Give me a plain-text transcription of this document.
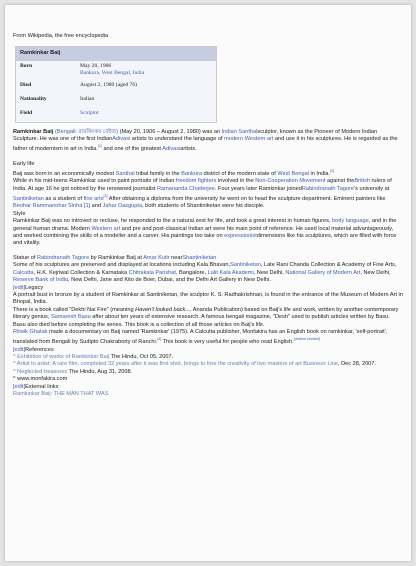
From Wikipedia, the free encyclopedia

Ramkinkar Baij
Born	May 20, 1906
Bankura, West Bengal, India
Died	August 2, 1980 (aged 76)
Nationality	Indian
Field	Sculptor

Ramkinkar Baij (Bengali: রামকিংকর বেইজ) (May 20, 1906 – August 2, 1980) was an Indian Santhalsculptor, known as the Pioneer of Modern Indian Sculpture. He was one of the first IndianAdivasi artists to understand the language of modern Western art and use it in his sculptures. He is regarded as the father of modernism in art in India.[1] and one of the greatest Adivasiartists.

Early life

Baij was born in an economically modest Santhal tribal family in the Bankura district of the modern state of West Bengal in India.[2]
While in his mid-teens Ramkinkar used to paint portraits of Indian freedom fighters involved in the Non-Cooperation Movement against theBritish rulers of India. At age 16 he got noticed by the renowned journalist Ramananda Chatterjee. Four years later Ramkinkar joinedRabindranath Tagore's university at Santiniketan as a student of fine arts[3] After obtaining a diploma from the university he went on to head the sculpture department. Eminent painters like Beohar Rammanohar Sinha [1] and Jahar Dasgupta, both students of Shantiniketan were his disciple.

Style

Ramkinkar Baij was no introvert or recluse, he responded to the a natural zest for life, and took a great interest in human figures, body language, and in the general human drama. Modern Western art and pre and post-classical Indian art were his main point of reference. He used local material advantageously, and worked combining the skills of a modeller and a carver. His paintings too take on expressionistdimensions like his sculptures, which are filled with force and vitality.

Statue of Rabindranath Tagore by Ramkinkar Baij at Amar Kutir nearShantiniketan
Some of his sculptures are preserved and displayed at locations including Kala Bhavan,Santiniketan, Late Rani Chanda Collection & Academy of Fine Arts, Calcutta, H.K. Kejriwal Collection & Karnataka Chitrakala Parishat, Bangalore, Lalit Kala Akademi, New Delhi, National Gallery of Modern Art, New Delhi, Reserve Bank of India, New Delhi, Jane and Kito de Boer, Dubai, and the Delhi Art Gallery in New Delhi.

[edit]Legacy

A portrait bust in bronze by a student of Ramkinkar at Santiniketan, the sculptor K. S. Radhakrishnan, is found in the entrance of the Museum of Modern Art in Bhopal, India.
There is a book called "Dekhi Nai Fire" (meaning Haven't looked back..., Ananda Publication) based on Baij's life and work, written by another contemporary literary genius, Samaresh Basu after about ten years of extensive research. A famous bengali magazine, "Desh" used to publish articles written by Basu. Basu also died before completing the series. This book is a collection of all those articles on Baij's life.
Ritwik Ghatak made a documentary on Baij named 'Ramkinkar' (1975). A Calcutta publisher, Monfakira has an English book on ramkinkar, 'self-portrait', translated from Bengali by Sudipto Chakraborty of Ranchi.[4] This book is very useful for people who read English.[citation needed]

[edit]References

^ Exhibition of works of Ramkinkar Baij The Hindu, Oct 05, 2007.
^ Artist to artist: A rare film, completed 32 years after it was first shot, brings to fore the creativity of two masters of art Business Line, Dec 28, 2007.
^ Neglected treasures The Hindu, Aug 31, 2008.
^ www.monfakira.com

[edit]External links

Ramkinkar Baij: THE MAN THAT WAS
